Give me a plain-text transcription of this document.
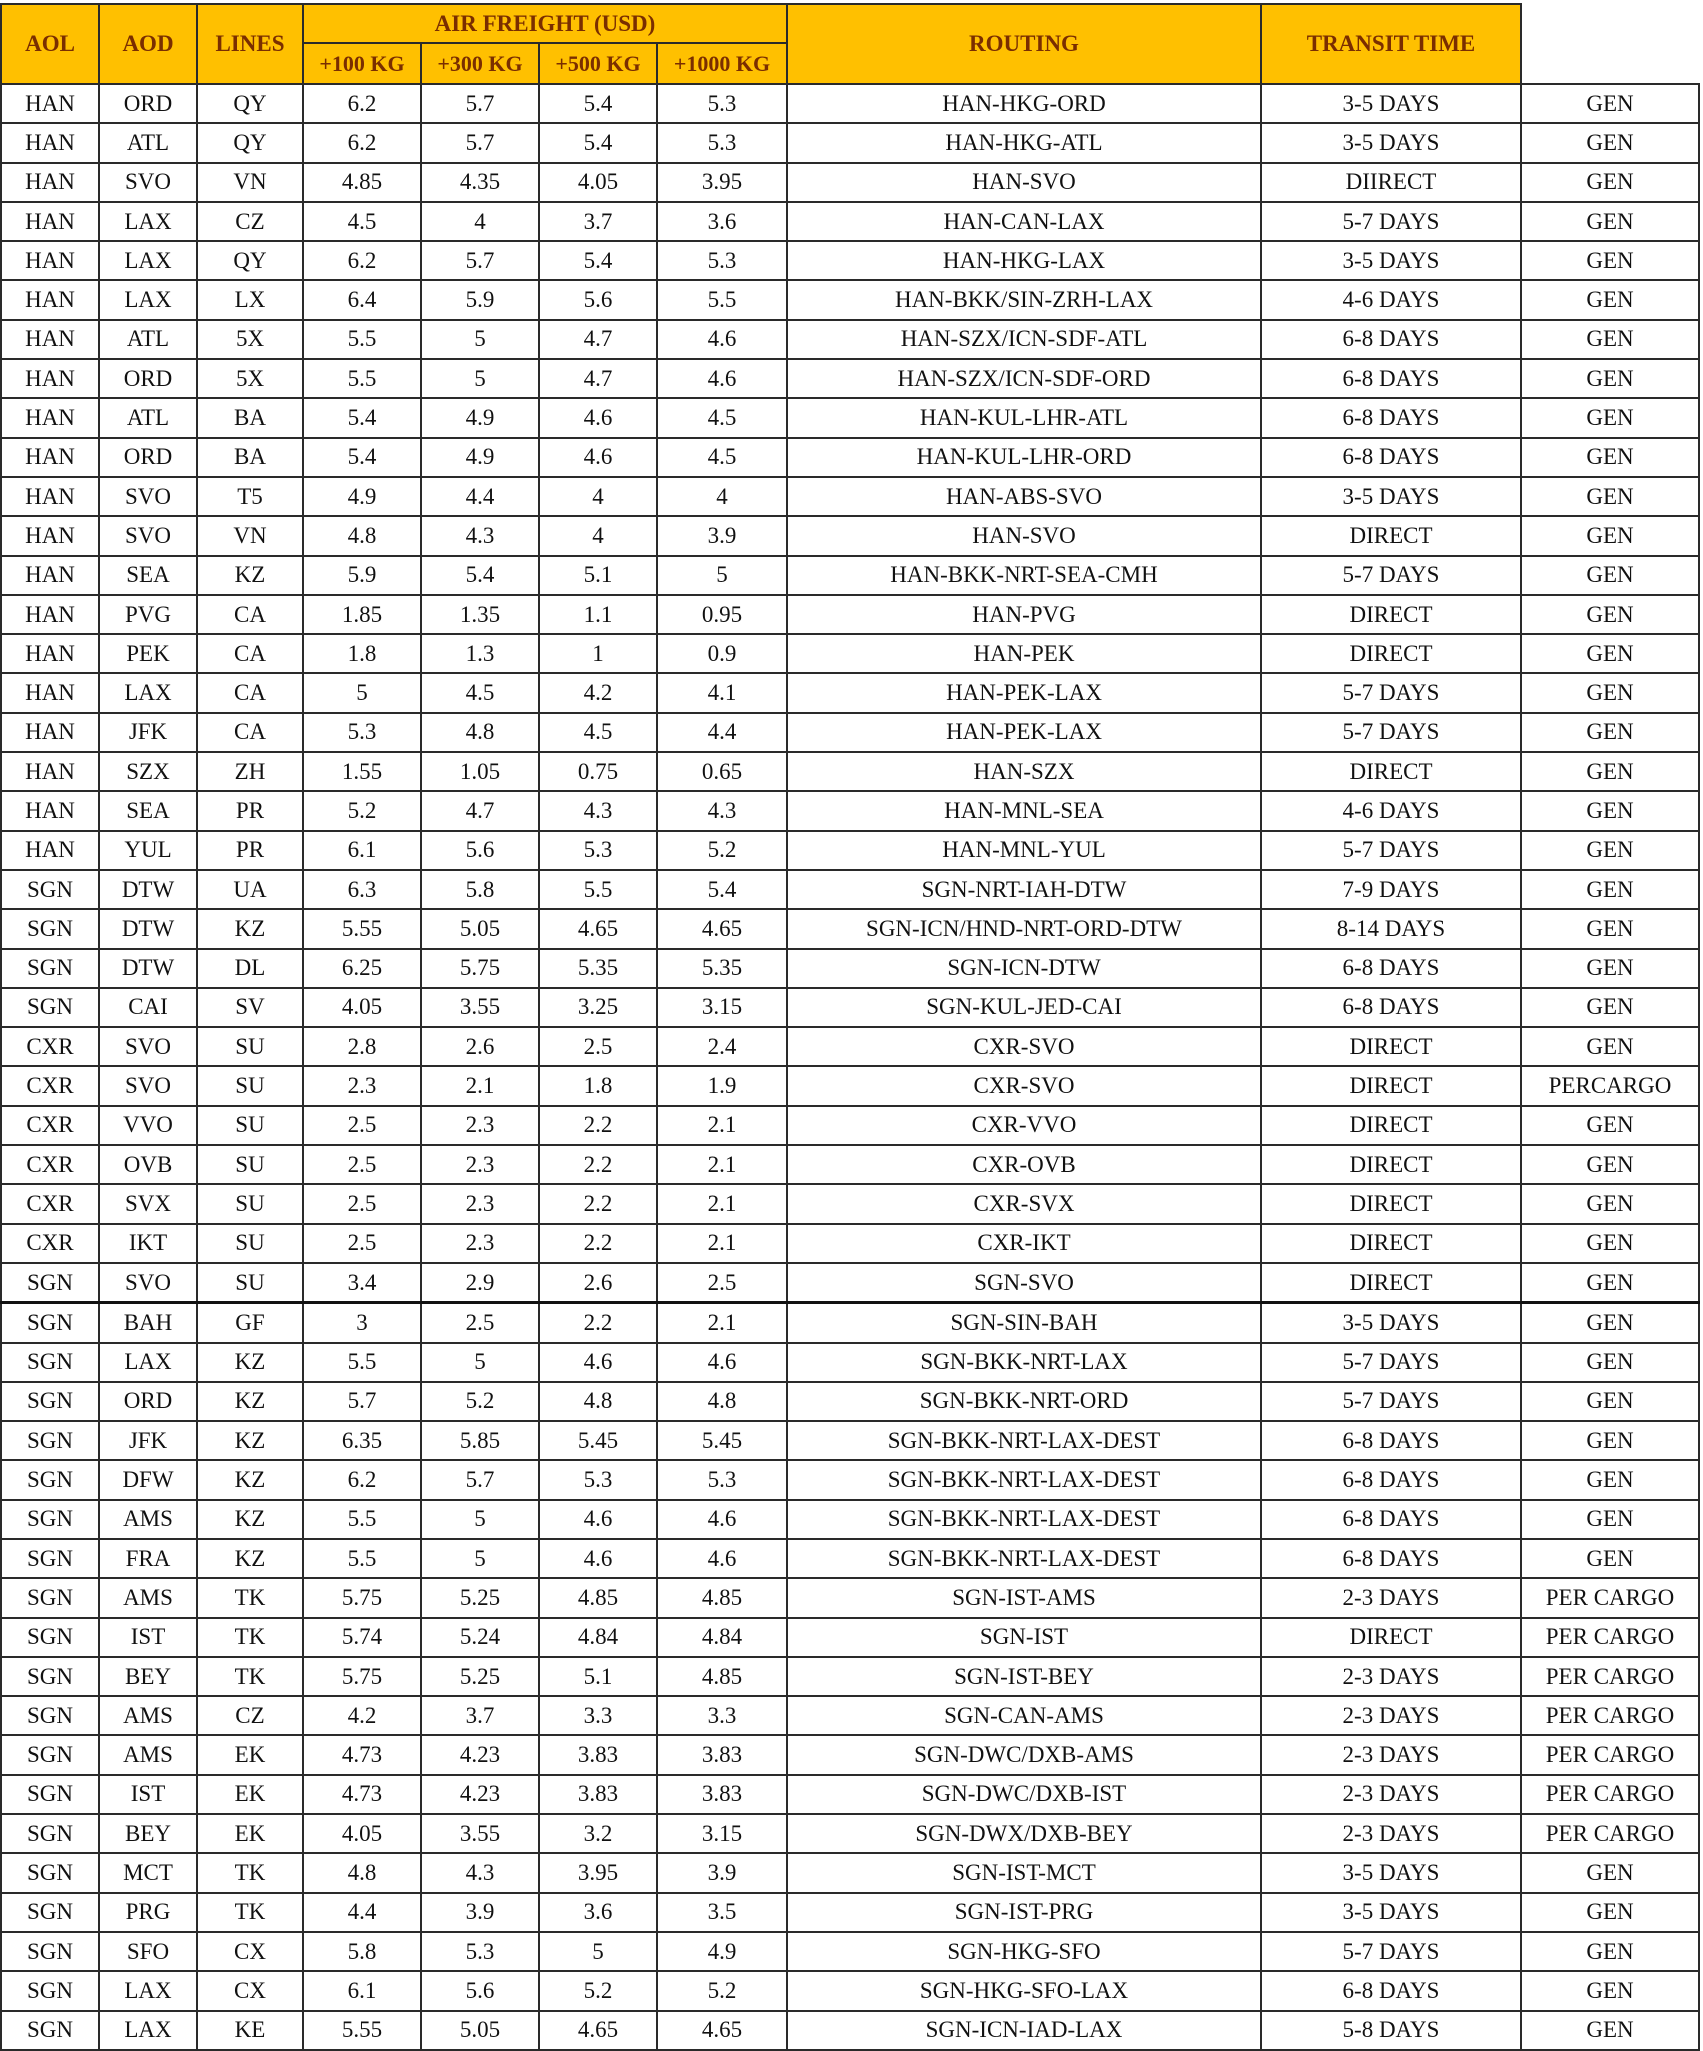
AOL	AOD	LINES	AIR FREIGHT (USD)				ROUTING	TRANSIT TIME	
			+100 KG	+300 KG	+500 KG	+1000 KG			
HAN	ORD	QY	6.2	5.7	5.4	5.3	HAN-HKG-ORD	3-5 DAYS	GEN
HAN	ATL	QY	6.2	5.7	5.4	5.3	HAN-HKG-ATL	3-5 DAYS	GEN
HAN	SVO	VN	4.85	4.35	4.05	3.95	HAN-SVO	DIIRECT	GEN
HAN	LAX	CZ	4.5	4	3.7	3.6	HAN-CAN-LAX	5-7 DAYS	GEN
HAN	LAX	QY	6.2	5.7	5.4	5.3	HAN-HKG-LAX	3-5 DAYS	GEN
HAN	LAX	LX	6.4	5.9	5.6	5.5	HAN-BKK/SIN-ZRH-LAX	4-6 DAYS	GEN
HAN	ATL	5X	5.5	5	4.7	4.6	HAN-SZX/ICN-SDF-ATL	6-8 DAYS	GEN
HAN	ORD	5X	5.5	5	4.7	4.6	HAN-SZX/ICN-SDF-ORD	6-8 DAYS	GEN
HAN	ATL	BA	5.4	4.9	4.6	4.5	HAN-KUL-LHR-ATL	6-8 DAYS	GEN
HAN	ORD	BA	5.4	4.9	4.6	4.5	HAN-KUL-LHR-ORD	6-8 DAYS	GEN
HAN	SVO	T5	4.9	4.4	4	4	HAN-ABS-SVO	3-5 DAYS	GEN
HAN	SVO	VN	4.8	4.3	4	3.9	HAN-SVO	DIRECT	GEN
HAN	SEA	KZ	5.9	5.4	5.1	5	HAN-BKK-NRT-SEA-CMH	5-7 DAYS	GEN
HAN	PVG	CA	1.85	1.35	1.1	0.95	HAN-PVG	DIRECT	GEN
HAN	PEK	CA	1.8	1.3	1	0.9	HAN-PEK	DIRECT	GEN
HAN	LAX	CA	5	4.5	4.2	4.1	HAN-PEK-LAX	5-7 DAYS	GEN
HAN	JFK	CA	5.3	4.8	4.5	4.4	HAN-PEK-LAX	5-7 DAYS	GEN
HAN	SZX	ZH	1.55	1.05	0.75	0.65	HAN-SZX	DIRECT	GEN
HAN	SEA	PR	5.2	4.7	4.3	4.3	HAN-MNL-SEA	4-6 DAYS	GEN
HAN	YUL	PR	6.1	5.6	5.3	5.2	HAN-MNL-YUL	5-7 DAYS	GEN
SGN	DTW	UA	6.3	5.8	5.5	5.4	SGN-NRT-IAH-DTW	7-9 DAYS	GEN
SGN	DTW	KZ	5.55	5.05	4.65	4.65	SGN-ICN/HND-NRT-ORD-DTW	8-14 DAYS	GEN
SGN	DTW	DL	6.25	5.75	5.35	5.35	SGN-ICN-DTW	6-8 DAYS	GEN
SGN	CAI	SV	4.05	3.55	3.25	3.15	SGN-KUL-JED-CAI	6-8 DAYS	GEN
CXR	SVO	SU	2.8	2.6	2.5	2.4	CXR-SVO	DIRECT	GEN
CXR	SVO	SU	2.3	2.1	1.8	1.9	CXR-SVO	DIRECT	PERCARGO
CXR	VVO	SU	2.5	2.3	2.2	2.1	CXR-VVO	DIRECT	GEN
CXR	OVB	SU	2.5	2.3	2.2	2.1	CXR-OVB	DIRECT	GEN
CXR	SVX	SU	2.5	2.3	2.2	2.1	CXR-SVX	DIRECT	GEN
CXR	IKT	SU	2.5	2.3	2.2	2.1	CXR-IKT	DIRECT	GEN
SGN	SVO	SU	3.4	2.9	2.6	2.5	SGN-SVO	DIRECT	GEN
SGN	BAH	GF	3	2.5	2.2	2.1	SGN-SIN-BAH	3-5 DAYS	GEN
SGN	LAX	KZ	5.5	5	4.6	4.6	SGN-BKK-NRT-LAX	5-7 DAYS	GEN
SGN	ORD	KZ	5.7	5.2	4.8	4.8	SGN-BKK-NRT-ORD	5-7 DAYS	GEN
SGN	JFK	KZ	6.35	5.85	5.45	5.45	SGN-BKK-NRT-LAX-DEST	6-8 DAYS	GEN
SGN	DFW	KZ	6.2	5.7	5.3	5.3	SGN-BKK-NRT-LAX-DEST	6-8 DAYS	GEN
SGN	AMS	KZ	5.5	5	4.6	4.6	SGN-BKK-NRT-LAX-DEST	6-8 DAYS	GEN
SGN	FRA	KZ	5.5	5	4.6	4.6	SGN-BKK-NRT-LAX-DEST	6-8 DAYS	GEN
SGN	AMS	TK	5.75	5.25	4.85	4.85	SGN-IST-AMS	2-3 DAYS	PER CARGO
SGN	IST	TK	5.74	5.24	4.84	4.84	SGN-IST	DIRECT	PER CARGO
SGN	BEY	TK	5.75	5.25	5.1	4.85	SGN-IST-BEY	2-3 DAYS	PER CARGO
SGN	AMS	CZ	4.2	3.7	3.3	3.3	SGN-CAN-AMS	2-3 DAYS	PER CARGO
SGN	AMS	EK	4.73	4.23	3.83	3.83	SGN-DWC/DXB-AMS	2-3 DAYS	PER CARGO
SGN	IST	EK	4.73	4.23	3.83	3.83	SGN-DWC/DXB-IST	2-3 DAYS	PER CARGO
SGN	BEY	EK	4.05	3.55	3.2	3.15	SGN-DWX/DXB-BEY	2-3 DAYS	PER CARGO
SGN	MCT	TK	4.8	4.3	3.95	3.9	SGN-IST-MCT	3-5 DAYS	GEN
SGN	PRG	TK	4.4	3.9	3.6	3.5	SGN-IST-PRG	3-5 DAYS	GEN
SGN	SFO	CX	5.8	5.3	5	4.9	SGN-HKG-SFO	5-7 DAYS	GEN
SGN	LAX	CX	6.1	5.6	5.2	5.2	SGN-HKG-SFO-LAX	6-8 DAYS	GEN
SGN	LAX	KE	5.55	5.05	4.65	4.65	SGN-ICN-IAD-LAX	5-8 DAYS	GEN
